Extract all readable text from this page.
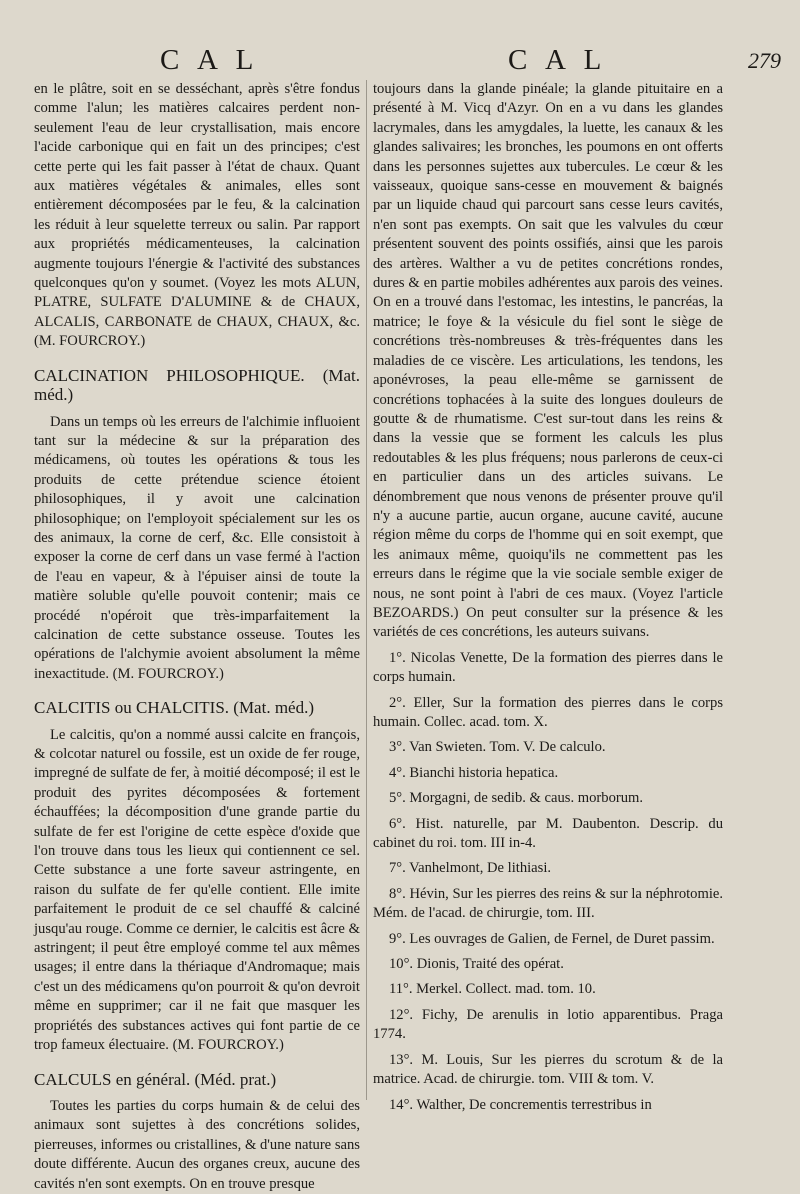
C A L	C A L	279

en le plâtre, soit en se desséchant, après s'être fondus comme l'alun; les matières calcaires perdent non-seulement l'eau de leur crystallisation, mais encore l'acide carbonique qui en fait un des principes; c'est cette perte qui les fait passer à l'état de chaux. Quant aux matières végétales & animales, elles sont entièrement décomposées par le feu, & la calcination les réduit à leur squelette terreux ou salin. Par rapport aux propriétés médicamenteuses, la calcination augmente toujours l'énergie & l'activité des substances quelconques qu'on y soumet. (Voyez les mots ALUN, PLATRE, SULFATE D'ALUMINE & de CHAUX, ALCALIS, CARBONATE de CHAUX, CHAUX, &c. (M. FOURCROY.)

CALCINATION PHILOSOPHIQUE. (Mat. méd.)

Dans un temps où les erreurs de l'alchimie influoient tant sur la médecine & sur la préparation des médicamens, où toutes les opérations & tous les produits de cette prétendue science étoient philosophiques, il y avoit une calcination philosophique; on l'employoit spécialement sur les os des animaux, la corne de cerf, &c. Elle consistoit à exposer la corne de cerf dans un vase fermé à l'action de l'eau en vapeur, & à l'épuiser ainsi de toute la matière soluble qu'elle pouvoit contenir; mais ce procédé n'opéroit que très-imparfaitement la calcination de cette substance osseuse. Toutes les opérations de l'alchymie avoient absolument la même inexactitude. (M. FOURCROY.)

CALCITIS ou CHALCITIS. (Mat. méd.)

Le calcitis, qu'on a nommé aussi calcite en françois, & colcotar naturel ou fossile, est un oxide de fer rouge, impregné de sulfate de fer, à moitié décomposé; il est le produit des pyrites décomposées & fortement échauffées; la décomposition d'une grande partie du sulfate de fer est l'origine de cette espèce d'oxide que l'on trouve dans tous les lieux qui contiennent ce sel. Cette substance a une forte saveur astringente, en raison du sulfate de fer qu'elle contient. Elle imite parfaitement le produit de ce sel chauffé & calciné jusqu'au rouge. Comme ce dernier, le calcitis est âcre & astringent; il peut être employé comme tel aux mêmes usages; il entre dans la thériaque d'Andromaque; mais c'est un des médicamens qu'on pourroit & qu'on devroit même en supprimer; car il ne fait que masquer les propriétés des substances actives qui font partie de ce trop fameux électuaire. (M. FOURCROY.)

CALCULS en général. (Méd. prat.)

Toutes les parties du corps humain & de celui des animaux sont sujettes à des concrétions solides, pierreuses, informes ou cristallines, & d'une nature sans doute différente. Aucun des organes creux, aucune des cavités n'en sont exempts. On en trouve presque

toujours dans la glande pinéale; la glande pituitaire en a présenté à M. Vicq d'Azyr. On en a vu dans les glandes lacrymales, dans les amygdales, la luette, les canaux & les glandes salivaires; les bronches, les poumons en ont offerts dans les personnes sujettes aux tubercules. Le cœur & les vaisseaux, quoique sans-cesse en mouvement & baignés par un liquide chaud qui parcourt sans cesse leurs cavités, n'en sont pas exempts. On sait que les valvules du cœur présentent souvent des points ossifiés, ainsi que les parois des artères. Walther a vu de petites concrétions rondes, dures & en partie mobiles adhérentes aux parois des veines. On en a trouvé dans l'estomac, les intestins, le pancréas, la matrice; le foye & la vésicule du fiel sont le siège de concrétions très-nombreuses & très-fréquentes dans les maladies de ce viscère. Les articulations, les tendons, les aponévroses, la peau elle-même se garnissent de concrétions tophacées à la suite des longues douleurs de goutte & de rhumatisme. C'est sur-tout dans les reins & dans la vessie que se forment les calculs les plus redoutables & les plus fréquens; nous parlerons de ceux-ci en particulier dans un des articles suivans. Le dénombrement que nous venons de présenter prouve qu'il n'y a aucune partie, aucun organe, aucune cavité, aucune région même du corps de l'homme qui en soit exempt, que les animaux même, quoiqu'ils ne commettent pas les erreurs dans le régime que la vie sociale semble exiger de nous, ne sont point à l'abri de ces maux. (Voyez l'article BEZOARDS.) On peut consulter sur la présence & les variétés de ces concrétions, les auteurs suivans.

1°. Nicolas Venette, De la formation des pierres dans le corps humain.

2°. Eller, Sur la formation des pierres dans le corps humain. Collec. acad. tom. X.

3°. Van Swieten. Tom. V. De calculo.

4°. Bianchi historia hepatica.

5°. Morgagni, de sedib. & caus. morborum.

6°. Hist. naturelle, par M. Daubenton. Descrip. du cabinet du roi. tom. III in-4.

7°. Vanhelmont, De lithiasi.

8°. Hévin, Sur les pierres des reins & sur la néphrotomie. Mém. de l'acad. de chirurgie, tom. III.

9°. Les ouvrages de Galien, de Fernel, de Duret passim.

10°. Dionis, Traité des opérat.

11°. Merkel. Collect. mad. tom. 10.

12°. Fichy, De arenulis in lotio apparentibus. Praga 1774.

13°. M. Louis, Sur les pierres du scrotum & de la matrice. Acad. de chirurgie. tom. VIII & tom. V.

14°. Walther, De concrementis terrestribus in
